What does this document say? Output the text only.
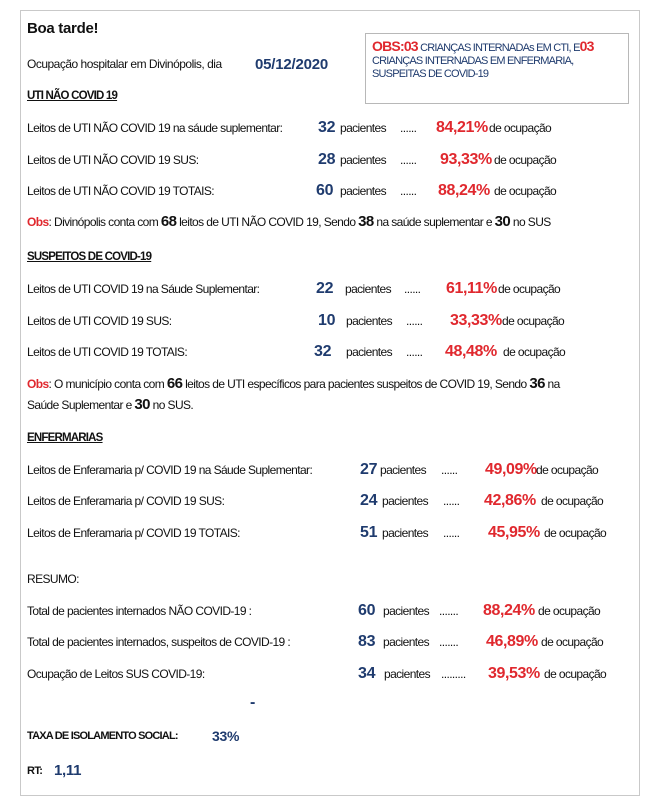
Boa tarde!
Ocupação hospitalar em Divinópolis, dia 05/12/2020
OBS:03 CRIANÇAS INTERNADAs EM CTI, E03 CRIANÇAS INTERNADAS EM ENFERMARIA, SUSPEITAS DE COVID-19
UTI NÃO COVID 19
Leitos de UTI NÃO COVID 19 na sáude suplementar: 32 pacientes ...... 84,21% de ocupação
Leitos de UTI NÃO COVID 19 SUS:	28 pacientes ...... 93,33% de ocupação
Leitos de UTI NÃO COVID 19 TOTAIS:	60 pacientes ...... 88,24% de ocupação
Obs: Divinópolis conta com 68 leitos de UTI NÃO COVID 19, Sendo 38 na saúde suplementar e 30 no SUS
SUSPEITOS DE COVID-19
Leitos de UTI COVID 19 na Sáude Suplementar:	22 pacientes ...... 61,11% de ocupação
Leitos de UTI COVID 19 SUS:	10 pacientes ...... 33,33% de ocupação
Leitos de UTI COVID 19 TOTAIS:	32 pacientes ...... 48,48% de ocupação
Obs: O município conta com 66 leitos de UTI específicos para pacientes suspeitos de COVID 19, Sendo 36 na
Saúde Suplementar e 30 no SUS.
ENFERMARIAS
Leitos de Enferamaria p/ COVID 19 na Sáude Suplementar:	27 pacientes ...... 49,09% de ocupação
Leitos de Enferamaria p/ COVID 19 SUS:	24 pacientes ...... 42,86% de ocupação
Leitos de Enferamaria p/ COVID 19 TOTAIS:	51 pacientes ...... 45,95% de ocupação
RESUMO:
Total de pacientes internados NÃO COVID-19 :	60 pacientes ....... 88,24% de ocupação
Total de pacientes internados, suspeitos de COVID-19 :	83 pacientes ....... 46,89% de ocupação
Ocupação de Leitos SUS COVID-19:	34 pacientes ......... 39,53% de ocupação
-
TAXA DE ISOLAMENTO SOCIAL: 33%
RT: 1,11
